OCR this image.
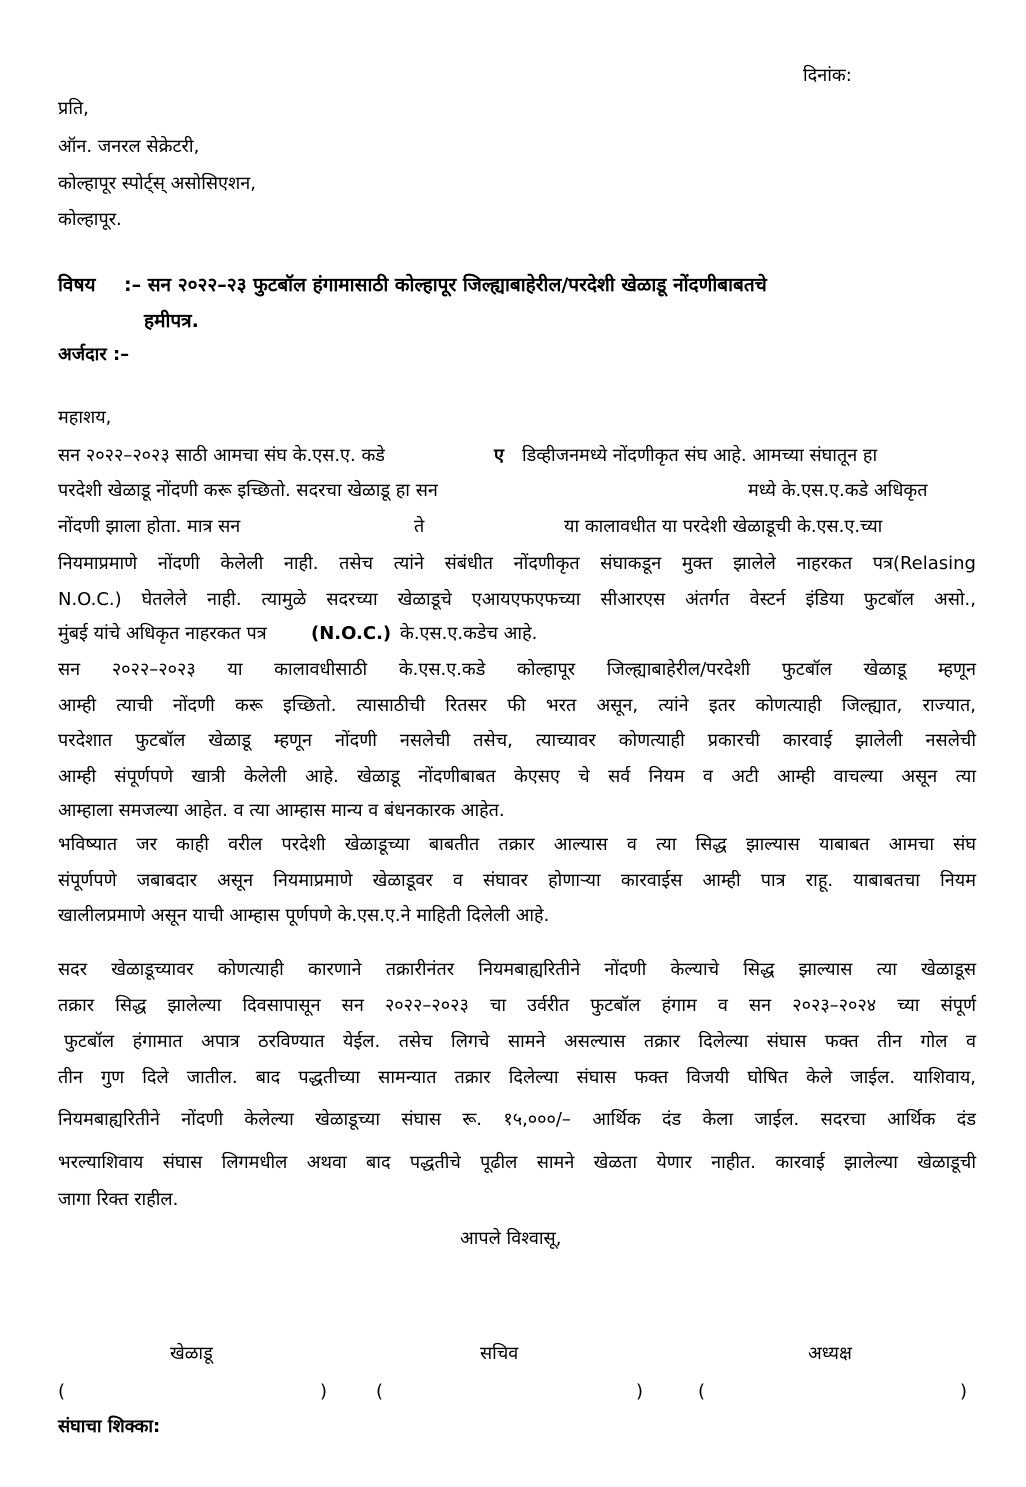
दिनांक:
प्रति,
ऑन. जनरल सेक्रेटरी,
कोल्हापूर स्पोर्ट्स् असोसिएशन,
कोल्हापूर.
विषय :– सन २०२२–२३ फुटबॉल हंगामासाठी कोल्हापूर जिल्ह्याबाहेरील/परदेशी खेळाडू नोंदणीबाबतचे
हमीपत्र.
अर्जदार :–
महाशय,
सन २०२२–२०२३ साठी आमचा संघ के.एस.ए. कडे	ए डिव्हीजनमध्ये नोंदणीकृत संघ आहे. आमच्या संघातून हा
परदेशी खेळाडू नोंदणी करू इच्छितो. सदरचा खेळाडू हा सन	मध्ये के.एस.ए.कडे अधिकृत
नोंदणी झाला होता. मात्र सन	ते	या कालावधीत या परदेशी खेळाडूची के.एस.ए.च्या
नियमाप्रमाणे नोंदणी केलेली नाही. तसेच त्यांने संबंधीत नोंदणीकृत संघाकडून मुक्त झालेले नाहरकत पत्र(Relasing
N.O.C.) घेतलेले नाही. त्यामुळे सदरच्या खेळाडूचे एआयएफएफच्या सीआरएस अंतर्गत वेस्टर्न इंडिया फुटबॉल असो.,
मुंबई यांचे अधिकृत नाहरकत पत्र (N.O.C.) के.एस.ए.कडेच आहे.
सन २०२२–२०२३ या कालावधीसाठी के.एस.ए.कडे कोल्हापूर जिल्ह्याबाहेरील/परदेशी फुटबॉल खेळाडू म्हणून
आम्ही त्याची नोंदणी करू इच्छितो. त्यासाठीची रितसर फी भरत असून, त्यांने इतर कोणत्याही जिल्ह्यात, राज्यात,
परदेशात फुटबॉल खेळाडू म्हणून नोंदणी नसलेची तसेच, त्याच्यावर कोणत्याही प्रकारची कारवाई झालेली नसलेची
आम्ही संपूर्णपणे खात्री केलेली आहे. खेळाडू नोंदणीबाबत केएसए चे सर्व नियम व अटी आम्ही वाचल्या असून त्या
आम्हाला समजल्या आहेत. व त्या आम्हास मान्य व बंधनकारक आहेत.
भविष्यात जर काही वरील परदेशी खेळाडूच्या बाबतीत तक्रार आल्यास व त्या सिद्ध झाल्यास याबाबत आमचा संघ
संपूर्णपणे जबाबदार असून नियमाप्रमाणे खेळाडूवर व संघावर होणाऱ्या कारवाईस आम्ही पात्र राहू. याबाबतचा नियम
खालीलप्रमाणे असून याची आम्हास पूर्णपणे के.एस.ए.ने माहिती दिलेली आहे.
सदर खेळाडूच्यावर कोणत्याही कारणाने तक्रारीनंतर नियमबाह्यरितीने नोंदणी केल्याचे सिद्ध झाल्यास त्या खेळाडूस
तक्रार सिद्ध झालेल्या दिवसापासून सन २०२२–२०२३ चा उर्वरीत फुटबॉल हंगाम व सन २०२३–२०२४ च्या संपूर्ण
फुटबॉल हंगामात अपात्र ठरविण्यात येईल. तसेच लिगचे सामने असल्यास तक्रार दिलेल्या संघास फक्त तीन गोल व
तीन गुण दिले जातील. बाद पद्धतीच्या सामन्यात तक्रार दिलेल्या संघास फक्त विजयी घोषित केले जाईल. याशिवाय,
नियमबाह्यरितीने नोंदणी केलेल्या खेळाडूच्या संघास रू. १५,०००/– आर्थिक दंड केला जाईल. सदरचा आर्थिक दंड
भरल्याशिवाय संघास लिगमधील अथवा बाद पद्धतीचे पूढील सामने खेळता येणार नाहीत. कारवाई झालेल्या खेळाडूची
जागा रिक्त राहील.
आपले विश्वासू,
खेळाडू	सचिव	अध्यक्ष
(	)	(	)	(	)
संघाचा शिक्का:
